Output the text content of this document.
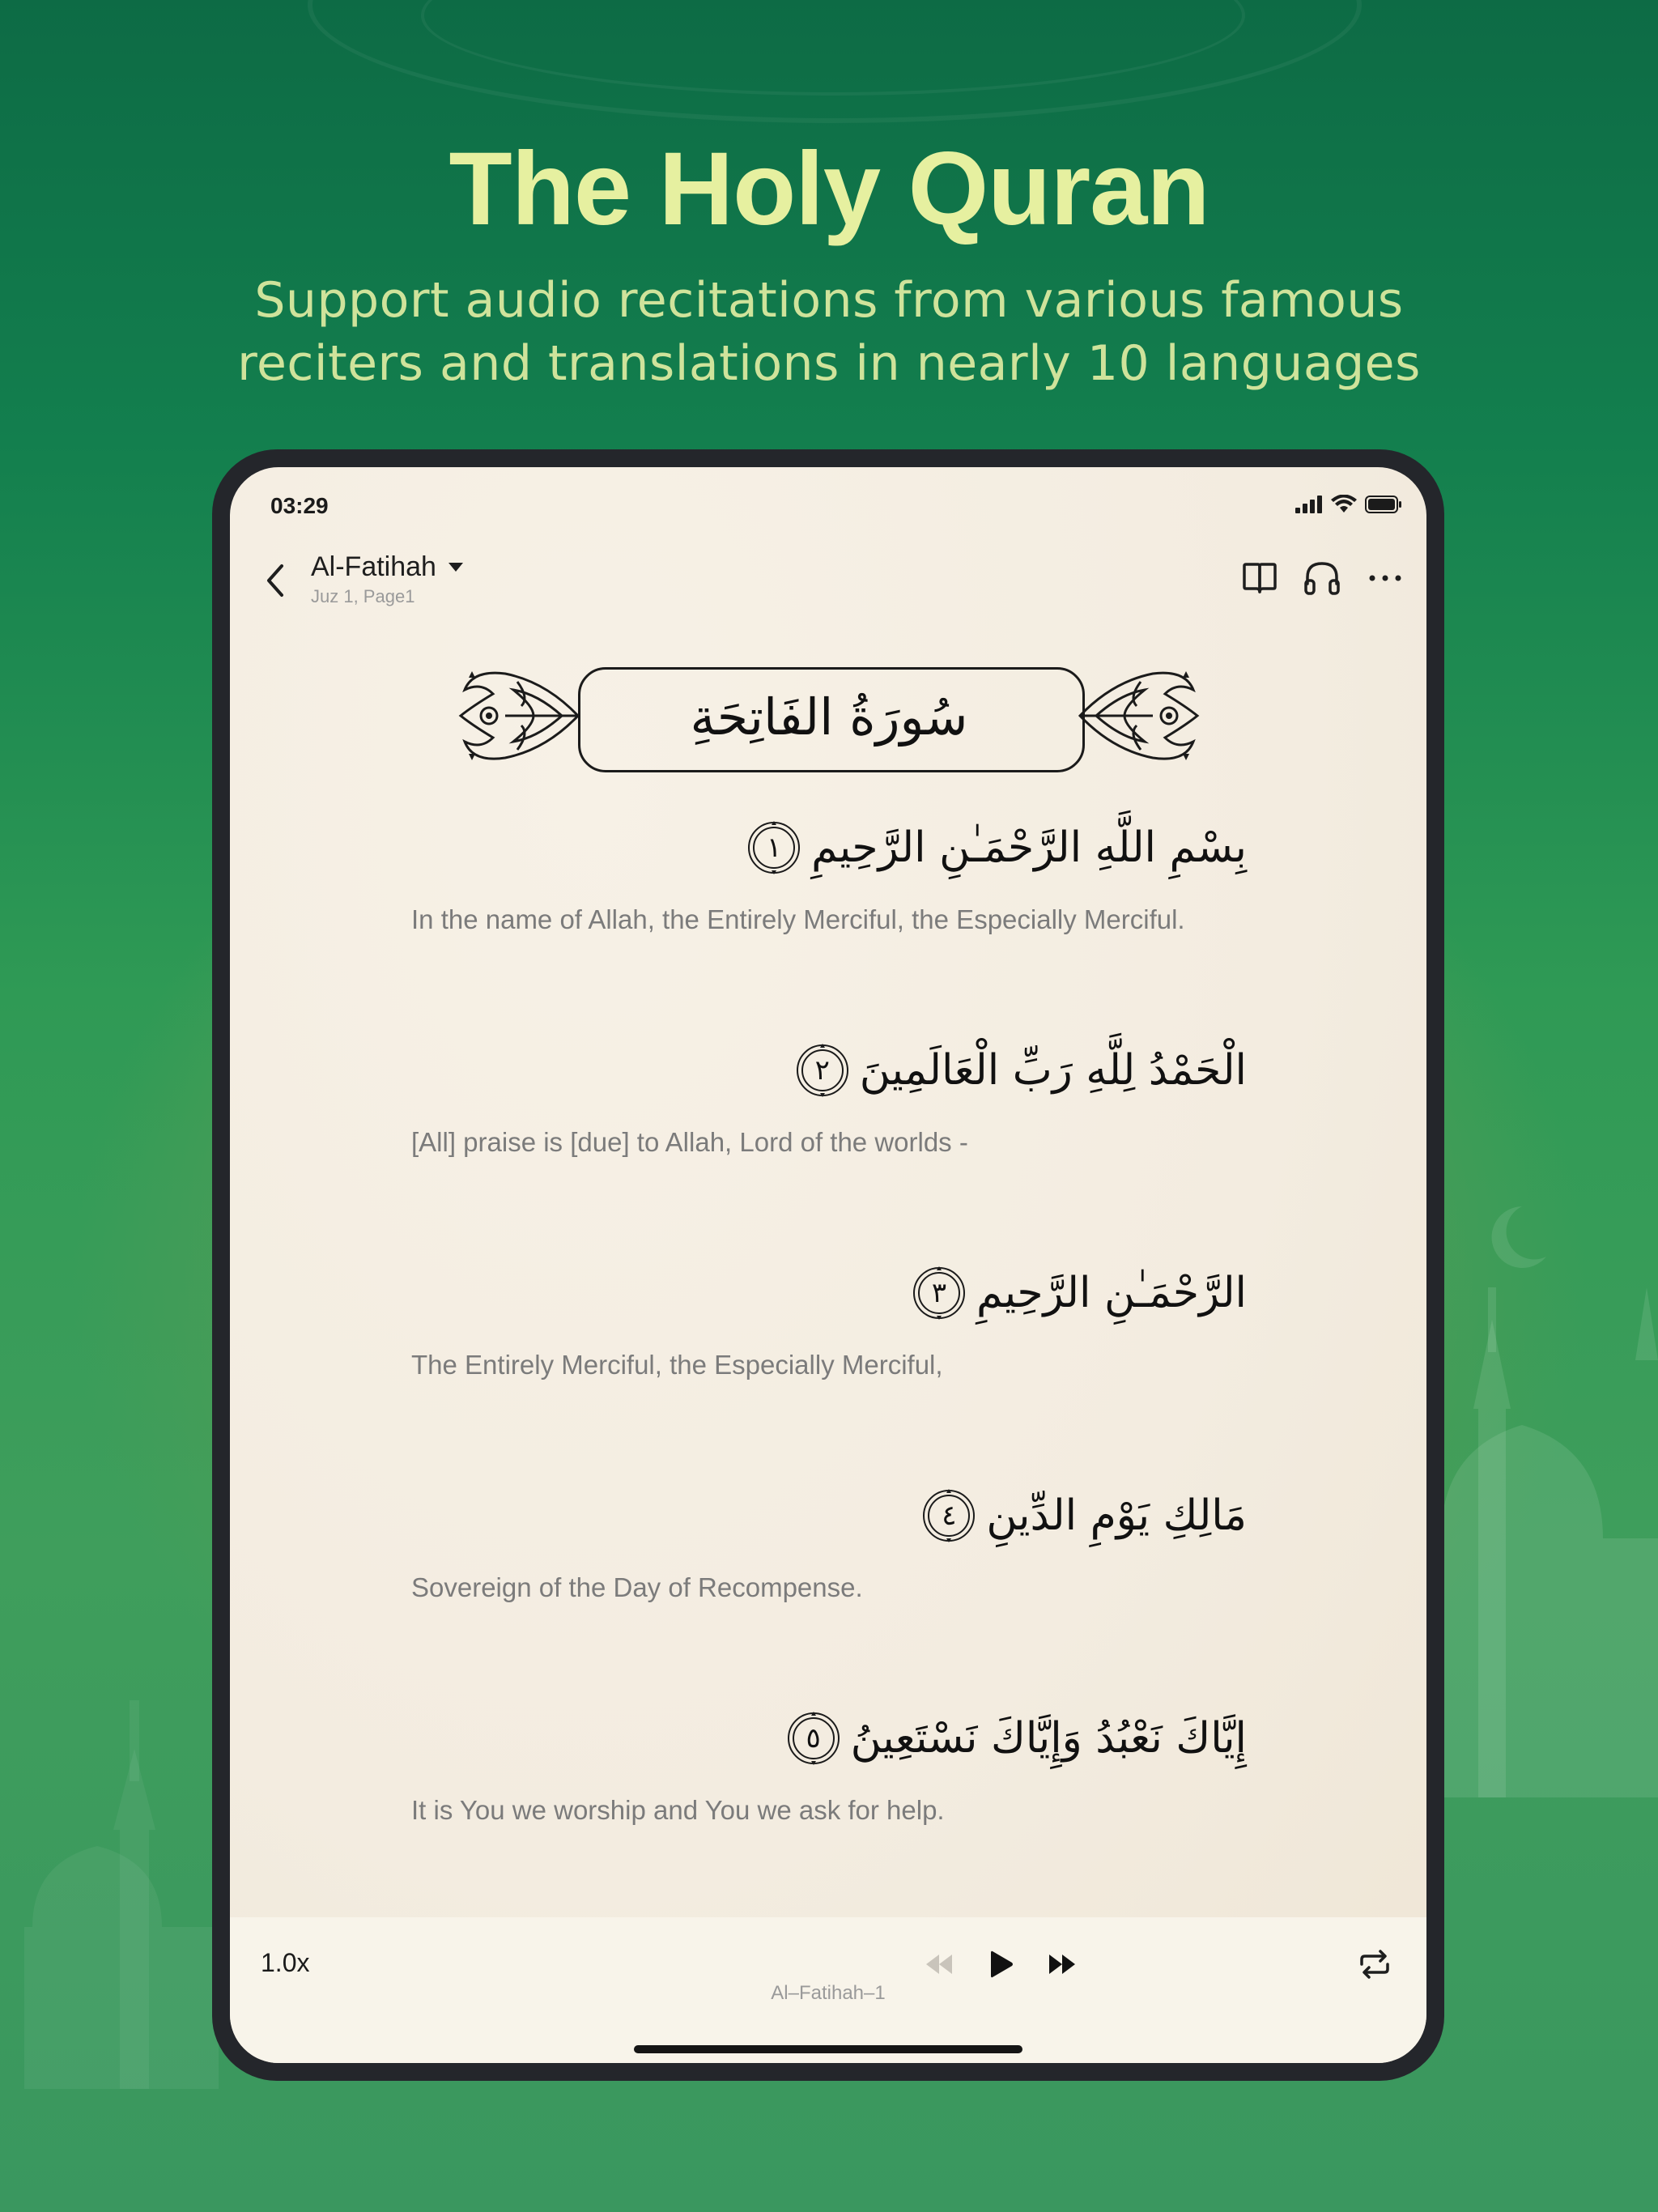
The Holy Quran
Support audio recitations from various famous
reciters and translations in nearly 10 languages
03:29
Al-Fatihah
Juz 1, Page1
سُورَةُ الفَاتِحَةِ
١ بِسْمِ اللَّهِ الرَّحْمَـٰنِ الرَّحِيمِ
In the name of Allah, the Entirely Merciful, the Especially Merciful.
٢ الْحَمْدُ لِلَّهِ رَبِّ الْعَالَمِينَ
[All] praise is [due] to Allah, Lord of the worlds -
٣ الرَّحْمَـٰنِ الرَّحِيمِ
The Entirely Merciful, the Especially Merciful,
٤ مَالِكِ يَوْمِ الدِّينِ
Sovereign of the Day of Recompense.
٥ إِيَّاكَ نَعْبُدُ وَإِيَّاكَ نَسْتَعِينُ
It is You we worship and You we ask for help.
1.0x
Al–Fatihah–1
